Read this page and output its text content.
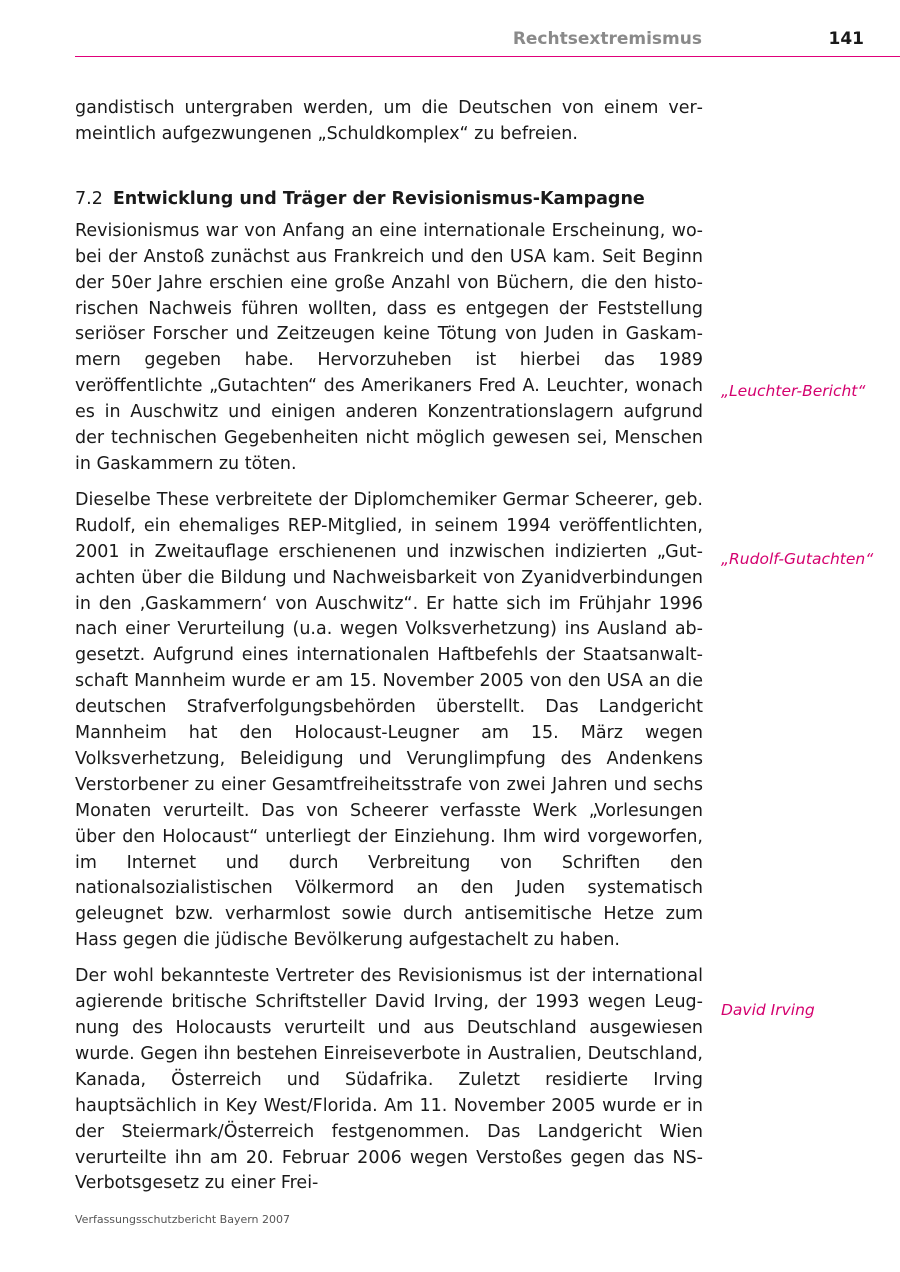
Rechtsextremismus	141

gandistisch untergraben werden, um die Deutschen von einem vermeintlich aufgezwungenen „Schuldkomplex“ zu befreien.

7.2 Entwicklung und Träger der Revisionismus-Kampagne

Revisionismus war von Anfang an eine internationale Erscheinung, wobei der Anstoß zunächst aus Frankreich und den USA kam. Seit Beginn der 50er Jahre erschien eine große Anzahl von Büchern, die den historischen Nachweis führen wollten, dass es entgegen der Feststellung seriöser Forscher und Zeitzeugen keine Tötung von Juden in Gaskammern gegeben habe. Hervorzuheben ist hierbei das 1989 veröffentlichte „Gutachten“ des Amerikaners Fred A. Leuchter, wonach es in Auschwitz und einigen anderen Konzentrationslagern aufgrund der technischen Gegebenheiten nicht möglich gewesen sei, Menschen in Gaskammern zu töten.

Dieselbe These verbreitete der Diplomchemiker Germar Scheerer, geb. Rudolf, ein ehemaliges REP-Mitglied, in seinem 1994 veröffentlichten, 2001 in Zweitauflage erschienenen und inzwischen indizierten „Gutachten über die Bildung und Nachweisbarkeit von Zyanidverbindungen in den ‚Gaskammern‘ von Auschwitz“. Er hatte sich im Frühjahr 1996 nach einer Verurteilung (u.a. wegen Volksverhetzung) ins Ausland abgesetzt. Aufgrund eines internationalen Haftbefehls der Staatsanwaltschaft Mannheim wurde er am 15. November 2005 von den USA an die deutschen Strafverfolgungsbehörden überstellt. Das Landgericht Mannheim hat den Holocaust-Leugner am 15. März wegen Volksverhetzung, Beleidigung und Verunglimpfung des Andenkens Verstorbener zu einer Gesamtfreiheitsstrafe von zwei Jahren und sechs Monaten verurteilt. Das von Scheerer verfasste Werk „Vorlesungen über den Holocaust“ unterliegt der Einziehung. Ihm wird vorgeworfen, im Internet und durch Verbreitung von Schriften den nationalsozialistischen Völkermord an den Juden systematisch geleugnet bzw. verharmlost sowie durch antisemitische Hetze zum Hass gegen die jüdische Bevölkerung aufgestachelt zu haben.

Der wohl bekannteste Vertreter des Revisionismus ist der international agierende britische Schriftsteller David Irving, der 1993 wegen Leugnung des Holocausts verurteilt und aus Deutschland ausgewiesen wurde. Gegen ihn bestehen Einreiseverbote in Australien, Deutschland, Kanada, Österreich und Südafrika. Zuletzt residierte Irving hauptsächlich in Key West/Florida. Am 11. November 2005 wurde er in der Steiermark/Österreich festgenommen. Das Landgericht Wien verurteilte ihn am 20. Februar 2006 wegen Verstoßes gegen das NS-Verbotsgesetz zu einer Frei-

„Leuchter-Bericht“
„Rudolf-Gutachten“
David Irving
Verfassungsschutzbericht Bayern 2007
